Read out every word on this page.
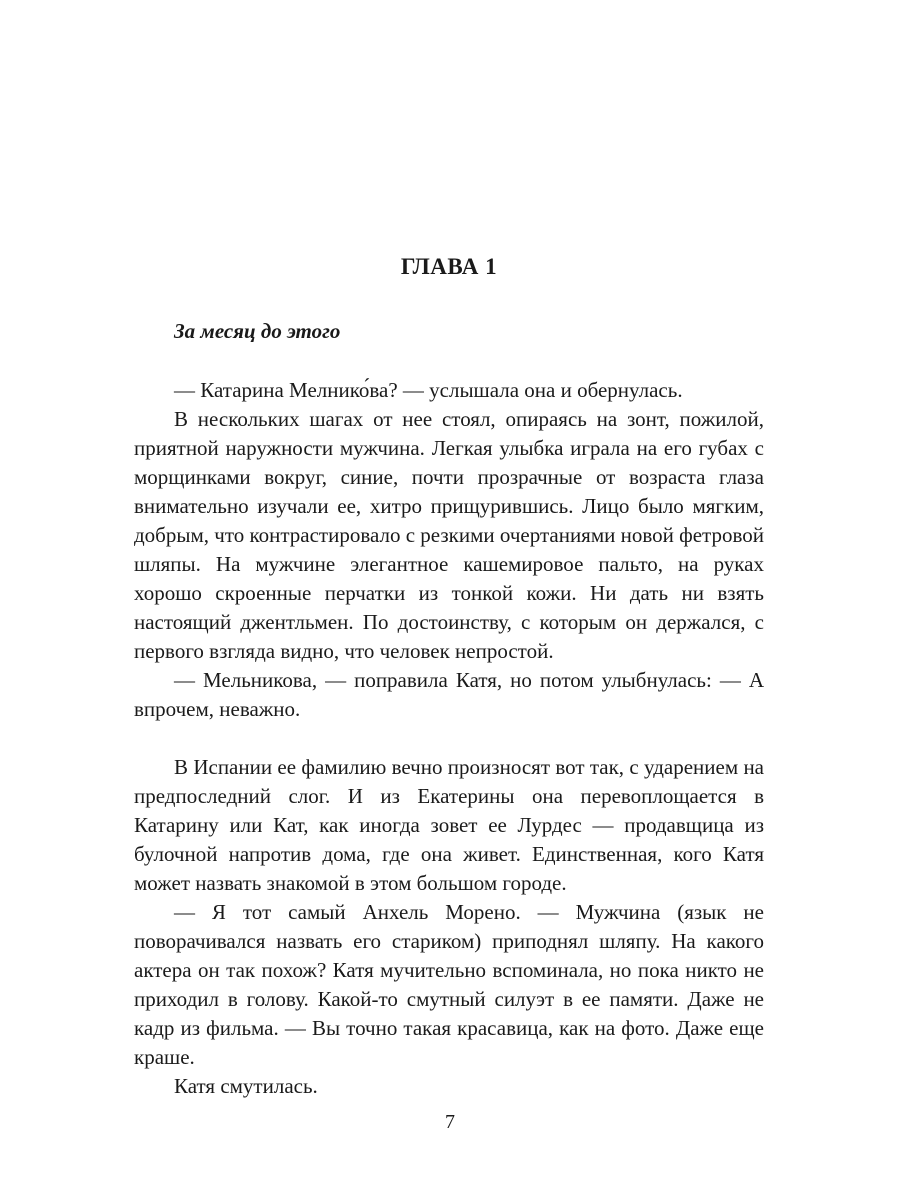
ГЛАВА 1
За месяц до этого

— Катарина Мелнико́ва? — услышала она и обернулась.

В нескольких шагах от нее стоял, опираясь на зонт, пожилой, приятной наружности мужчина. Легкая улыбка играла на его губах с морщинками вокруг, синие, почти прозрачные от возраста глаза внимательно изучали ее, хитро прищурившись. Лицо было мягким, добрым, что контрастировало с резкими очертаниями новой фетровой шляпы. На мужчине элегантное кашемировое пальто, на руках хорошо скроенные перчатки из тонкой кожи. Ни дать ни взять настоящий джентльмен. По достоинству, с которым он держался, с первого взгляда видно, что человек непростой.

— Мельникова, — поправила Катя, но потом улыбнулась: — А впрочем, неважно.

В Испании ее фамилию вечно произносят вот так, с ударением на предпоследний слог. И из Екатерины она перевоплощается в Катарину или Кат, как иногда зовет ее Лурдес — продавщица из булочной напротив дома, где она живет. Единственная, кого Катя может назвать знакомой в этом большом городе.

— Я тот самый Анхель Морено. — Мужчина (язык не поворачивался назвать его стариком) приподнял шляпу. На какого актера он так похож? Катя мучительно вспоминала, но пока никто не приходил в голову. Какой-то смутный силуэт в ее памяти. Даже не кадр из фильма. — Вы точно такая красавица, как на фото. Даже еще краше.

Катя смутилась.

7
